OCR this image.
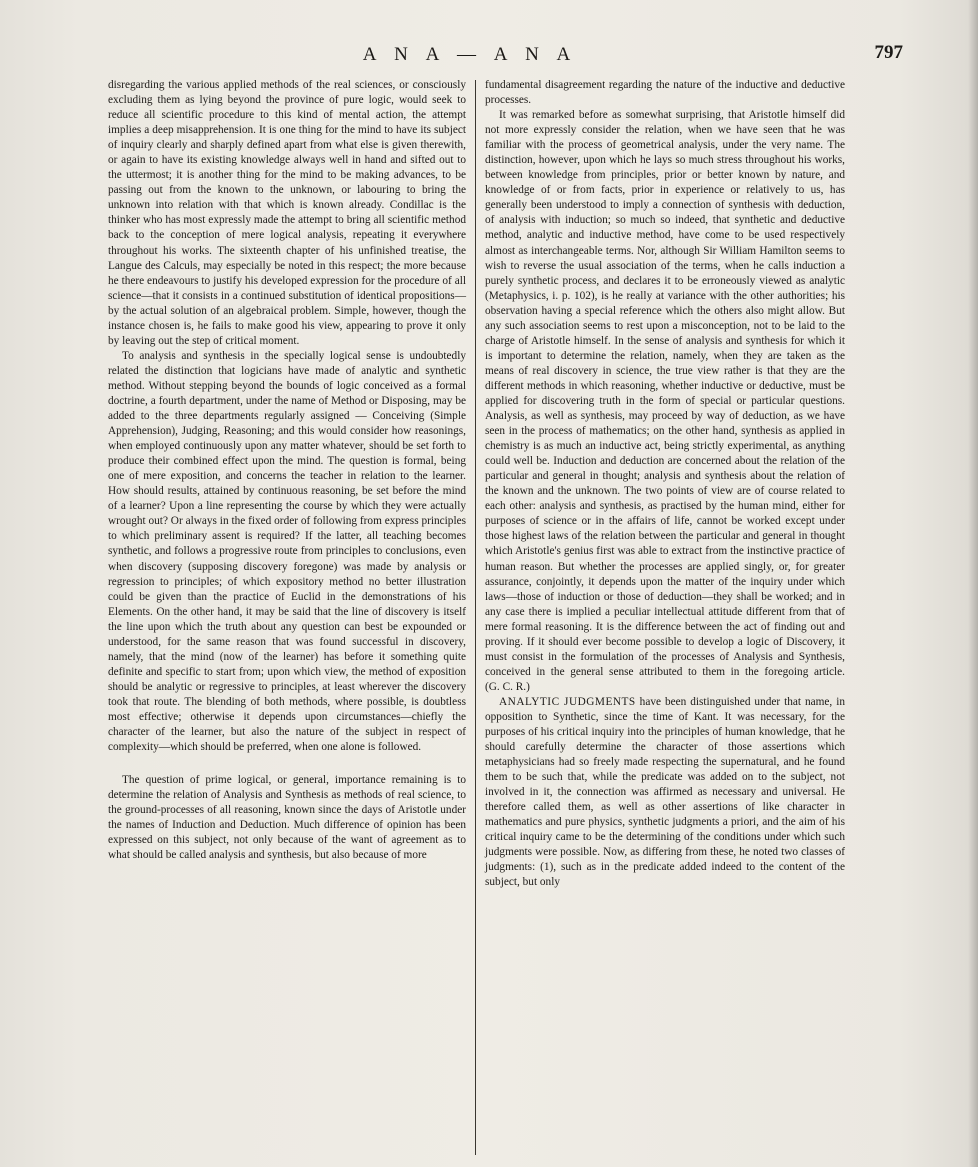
A N A — A N A	797

disregarding the various applied methods of the real sciences, or consciously excluding them as lying beyond the province of pure logic, would seek to reduce all scientific procedure to this kind of mental action, the attempt implies a deep misapprehension. It is one thing for the mind to have its subject of inquiry clearly and sharply defined apart from what else is given therewith, or again to have its existing knowledge always well in hand and sifted out to the uttermost; it is another thing for the mind to be making advances, to be passing out from the known to the unknown, or labouring to bring the unknown into relation with that which is known already. Condillac is the thinker who has most expressly made the attempt to bring all scientific method back to the conception of mere logical analysis, repeating it everywhere throughout his works. The sixteenth chapter of his unfinished treatise, the Langue des Calculs, may especially be noted in this respect; the more because he there endeavours to justify his developed expression for the procedure of all science—that it consists in a continued substitution of identical propositions—by the actual solution of an algebraical problem. Simple, however, though the instance chosen is, he fails to make good his view, appearing to prove it only by leaving out the step of critical moment.

To analysis and synthesis in the specially logical sense is undoubtedly related the distinction that logicians have made of analytic and synthetic method. Without stepping beyond the bounds of logic conceived as a formal doctrine, a fourth department, under the name of Method or Disposing, may be added to the three departments regularly assigned — Conceiving (Simple Apprehension), Judging, Reasoning; and this would consider how reasonings, when employed continuously upon any matter whatever, should be set forth to produce their combined effect upon the mind. The question is formal, being one of mere exposition, and concerns the teacher in relation to the learner. How should results, attained by continuous reasoning, be set before the mind of a learner? Upon a line representing the course by which they were actually wrought out? Or always in the fixed order of following from express principles to which preliminary assent is required? If the latter, all teaching becomes synthetic, and follows a progressive route from principles to conclusions, even when discovery (supposing discovery foregone) was made by analysis or regression to principles; of which expository method no better illustration could be given than the practice of Euclid in the demonstrations of his Elements. On the other hand, it may be said that the line of discovery is itself the line upon which the truth about any question can best be expounded or understood, for the same reason that was found successful in discovery, namely, that the mind (now of the learner) has before it something quite definite and specific to start from; upon which view, the method of exposition should be analytic or regressive to principles, at least wherever the discovery took that route. The blending of both methods, where possible, is doubtless most effective; otherwise it depends upon circumstances—chiefly the character of the learner, but also the nature of the subject in respect of complexity—which should be preferred, when one alone is followed.

The question of prime logical, or general, importance remaining is to determine the relation of Analysis and Synthesis as methods of real science, to the ground-processes of all reasoning, known since the days of Aristotle under the names of Induction and Deduction. Much difference of opinion has been expressed on this subject, not only because of the want of agreement as to what should be called analysis and synthesis, but also because of more

fundamental disagreement regarding the nature of the inductive and deductive processes.

It was remarked before as somewhat surprising, that Aristotle himself did not more expressly consider the relation, when we have seen that he was familiar with the process of geometrical analysis, under the very name. The distinction, however, upon which he lays so much stress throughout his works, between knowledge from principles, prior or better known by nature, and knowledge of or from facts, prior in experience or relatively to us, has generally been understood to imply a connection of synthesis with deduction, of analysis with induction; so much so indeed, that synthetic and deductive method, analytic and inductive method, have come to be used respectively almost as interchangeable terms. Nor, although Sir William Hamilton seems to wish to reverse the usual association of the terms, when he calls induction a purely synthetic process, and declares it to be erroneously viewed as analytic (Metaphysics, i. p. 102), is he really at variance with the other authorities; his observation having a special reference which the others also might allow. But any such association seems to rest upon a misconception, not to be laid to the charge of Aristotle himself. In the sense of analysis and synthesis for which it is important to determine the relation, namely, when they are taken as the means of real discovery in science, the true view rather is that they are the different methods in which reasoning, whether inductive or deductive, must be applied for discovering truth in the form of special or particular questions. Analysis, as well as synthesis, may proceed by way of deduction, as we have seen in the process of mathematics; on the other hand, synthesis as applied in chemistry is as much an inductive act, being strictly experimental, as anything could well be. Induction and deduction are concerned about the relation of the particular and general in thought; analysis and synthesis about the relation of the known and the unknown. The two points of view are of course related to each other: analysis and synthesis, as practised by the human mind, either for purposes of science or in the affairs of life, cannot be worked except under those highest laws of the relation between the particular and general in thought which Aristotle's genius first was able to extract from the instinctive practice of human reason. But whether the processes are applied singly, or, for greater assurance, conjointly, it depends upon the matter of the inquiry under which laws—those of induction or those of deduction—they shall be worked; and in any case there is implied a peculiar intellectual attitude different from that of mere formal reasoning. It is the difference between the act of finding out and proving. If it should ever become possible to develop a logic of Discovery, it must consist in the formulation of the processes of Analysis and Synthesis, conceived in the general sense attributed to them in the foregoing article. (G. C. R.)

ANALYTIC JUDGMENTS have been distinguished under that name, in opposition to Synthetic, since the time of Kant. It was necessary, for the purposes of his critical inquiry into the principles of human knowledge, that he should carefully determine the character of those assertions which metaphysicians had so freely made respecting the supernatural, and he found them to be such that, while the predicate was added on to the subject, not involved in it, the connection was affirmed as necessary and universal. He therefore called them, as well as other assertions of like character in mathematics and pure physics, synthetic judgments a priori, and the aim of his critical inquiry came to be the determining of the conditions under which such judgments were possible. Now, as differing from these, he noted two classes of judgments: (1), such as in the predicate added indeed to the content of the subject, but only
